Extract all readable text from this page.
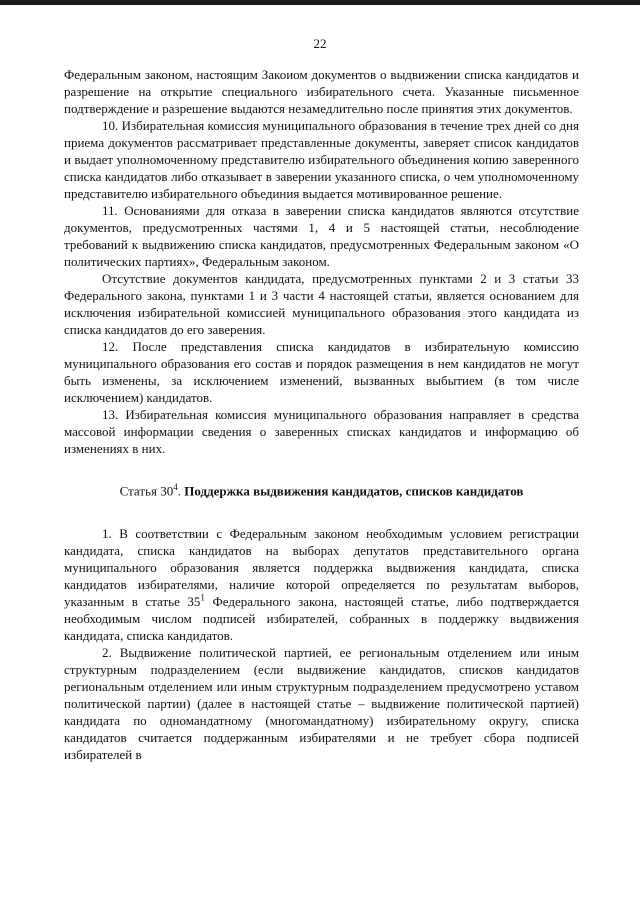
22

Федеральным законом, настоящим Закоиом документов о выдвижении списка кандидатов и разрешение на открытие специального избирательного счета. Указанные письменное подтверждение и разрешение выдаются незамедлительно после принятия этих документов.

10. Избирательная комиссия муниципального образования в течение трех дней со дня приема документов рассматривает представленные документы, заверяет список кандидатов и выдает уполномоченному представителю избирательного объединения копию заверенного списка кандидатов либо отказывает в заверении указанного списка, о чем уполномоченному представителю избирательного объединия выдается мотивированное решение.

11. Основаниями для отказа в заверении списка кандидатов являются отсутствие документов, предусмотренных частями 1, 4 и 5 настоящей статьи, несоблюдение требований к выдвижению списка кандидатов, предусмотренных Федеральным законом «О политических партиях», Федеральным законом.

Отсутствие документов кандидата, предусмотренных пунктами 2 и 3 статьи 33 Федерального закона, пунктами 1 и 3 части 4 настоящей статьи, является основанием для исключения избирательной комиссией муниципального образования этого кандидата из списка кандидатов до его заверения.

12. После представления списка кандидатов в избирательную комиссию муниципального образования его состав и порядок размещения в нем кандидатов не могут быть изменены, за исключением изменений, вызванных выбытием (в том числе исключением) кандидатов.

13. Избирательная комиссия муниципального образования направляет в средства массовой информации сведения о заверенных списках кандидатов и информацию об изменениях в них.

Статья $30^4$. Поддержка выдвижения кандидатов, списков кандидатов

1. В соответствии с Федеральным законом необходимым условием регистрации кандидата, списка кандидатов на выборах депутатов представительного органа муниципального образования является поддержка выдвижения кандидата, списка кандидатов избирателями, наличие которой определяется по результатам выборов, указанным в статье $35^1$ Федерального закона, настоящей статье, либо подтверждается необходимым числом подписей избирателей, собранных в поддержку выдвижения кандидата, списка кандидатов.

2. Выдвижение политической партией, ее региональным отделением или иным структурным подразделением (если выдвижение кандидатов, списков кандидатов региональным отделением или иным структурным подразделением предусмотрено уставом политической партии) (далее в настоящей статье – выдвижение политической партией) кандидата по одномандатному (многомандатному) избирательному округу, списка кандидатов считается поддержанным избирателями и не требует сбора подписей избирателей в
